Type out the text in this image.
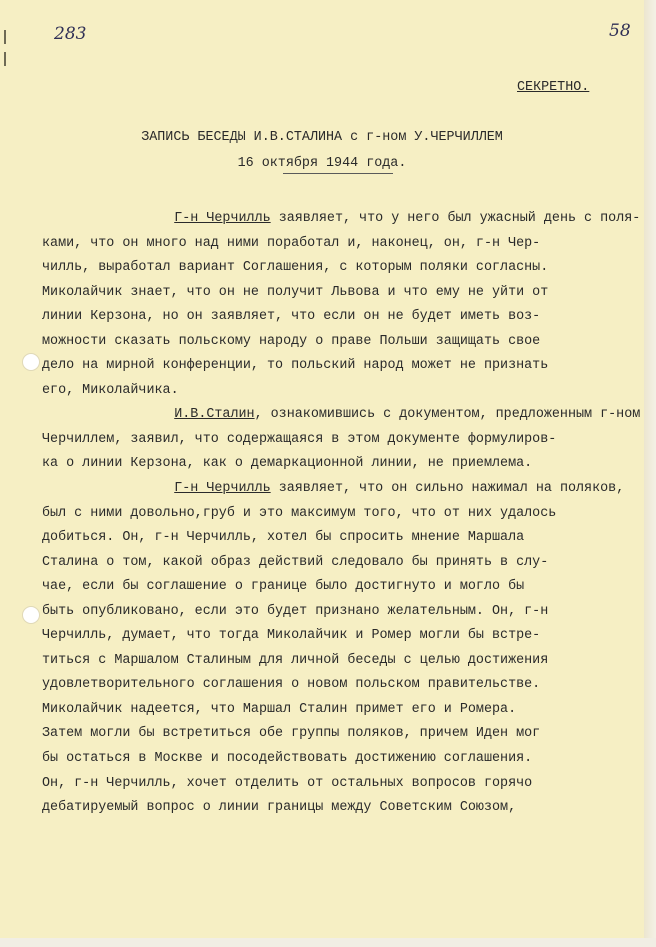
283	58
СЕКРЕТНО.
ЗАПИСЬ БЕСЕДЫ И.В.СТАЛИНА с г-ном У.ЧЕРЧИЛЛЕМ
16 октября 1944 года.
Г-н Черчилль заявляет, что у него был ужасный день с поля-
ками, что он много над ними поработал и, наконец, он, г-н Чер-
чилль, выработал вариант Соглашения, с которым поляки согласны.
Миколайчик знает, что он не получит Львова и что ему не уйти от
линии Керзона, но он заявляет, что если он не будет иметь воз-
можности сказать польскому народу о праве Польши защищать свое
дело на мирной конференции, то польский народ может не признать
его, Миколайчика.
И.В.Сталин, ознакомившись с документом, предложенным г-ном
Черчиллем, заявил, что содержащаяся в этом документе формулиров-
ка о линии Керзона, как о демаркационной линии, не приемлема.
Г-н Черчилль заявляет, что он сильно нажимал на поляков,
был с ними довольно,груб и это максимум того, что от них удалось
добиться. Он, г-н Черчилль, хотел бы спросить мнение Маршала
Сталина о том, какой образ действий следовало бы принять в слу-
чае, если бы соглашение о границе было достигнуто и могло бы
быть опубликовано, если это будет признано желательным. Он, г-н
Черчилль, думает, что тогда Миколайчик и Ромер могли бы встре-
титься с Маршалом Сталиным для личной беседы с целью достижения
удовлетворительного соглашения о новом польском правительстве.
Миколайчик надеется, что Маршал Сталин примет его и Ромера.
Затем могли бы встретиться обе группы поляков, причем Иден мог
бы остаться в Москве и посодействовать достижению соглашения.
Он, г-н Черчилль, хочет отделить от остальных вопросов горячо
дебатируемый вопрос о линии границы между Советским Союзом,
